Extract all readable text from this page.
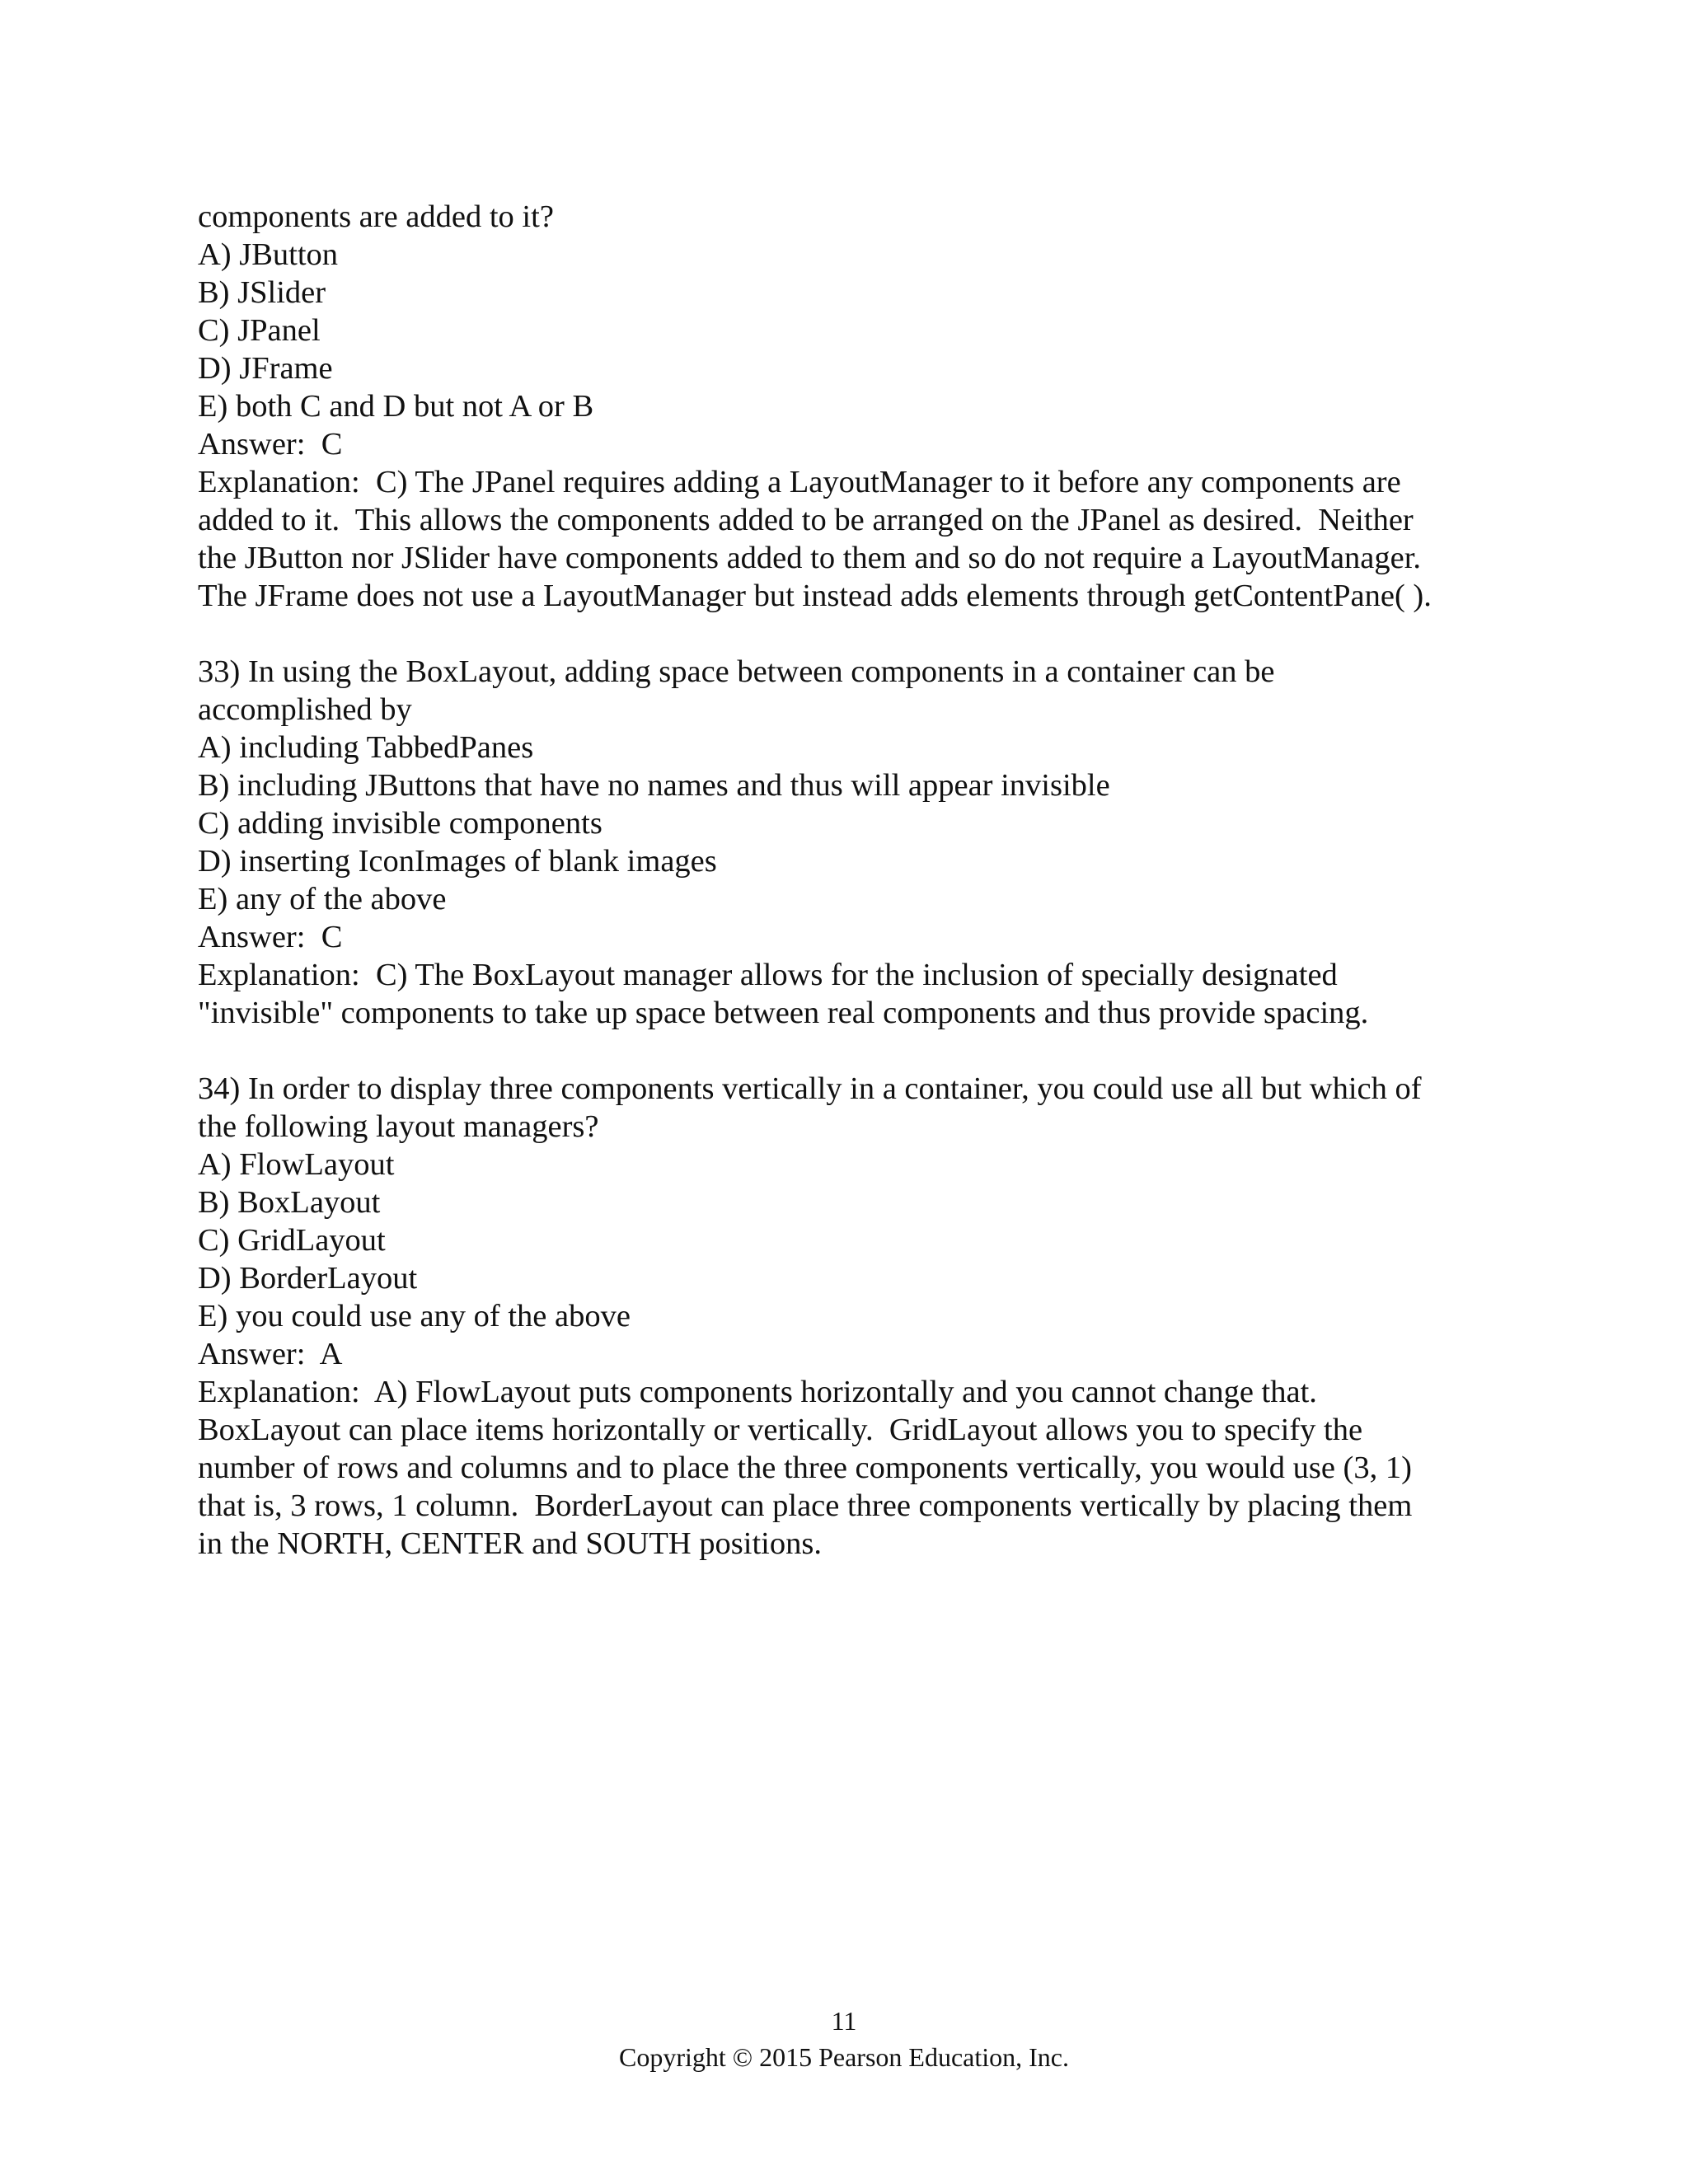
components are added to it?
A) JButton
B) JSlider
C) JPanel
D) JFrame
E) both C and D but not A or B
Answer:  C
Explanation:  C) The JPanel requires adding a LayoutManager to it before any components are
added to it.  This allows the components added to be arranged on the JPanel as desired.  Neither
the JButton nor JSlider have components added to them and so do not require a LayoutManager.
The JFrame does not use a LayoutManager but instead adds elements through getContentPane( ).
33) In using the BoxLayout, adding space between components in a container can be
accomplished by
A) including TabbedPanes
B) including JButtons that have no names and thus will appear invisible
C) adding invisible components
D) inserting IconImages of blank images
E) any of the above
Answer:  C
Explanation:  C) The BoxLayout manager allows for the inclusion of specially designated
"invisible" components to take up space between real components and thus provide spacing.
34) In order to display three components vertically in a container, you could use all but which of
the following layout managers?
A) FlowLayout
B) BoxLayout
C) GridLayout
D) BorderLayout
E) you could use any of the above
Answer:  A
Explanation:  A) FlowLayout puts components horizontally and you cannot change that.
BoxLayout can place items horizontally or vertically.  GridLayout allows you to specify the
number of rows and columns and to place the three components vertically, you would use (3, 1)
that is, 3 rows, 1 column.  BorderLayout can place three components vertically by placing them
in the NORTH, CENTER and SOUTH positions.
11
Copyright © 2015 Pearson Education, Inc.
